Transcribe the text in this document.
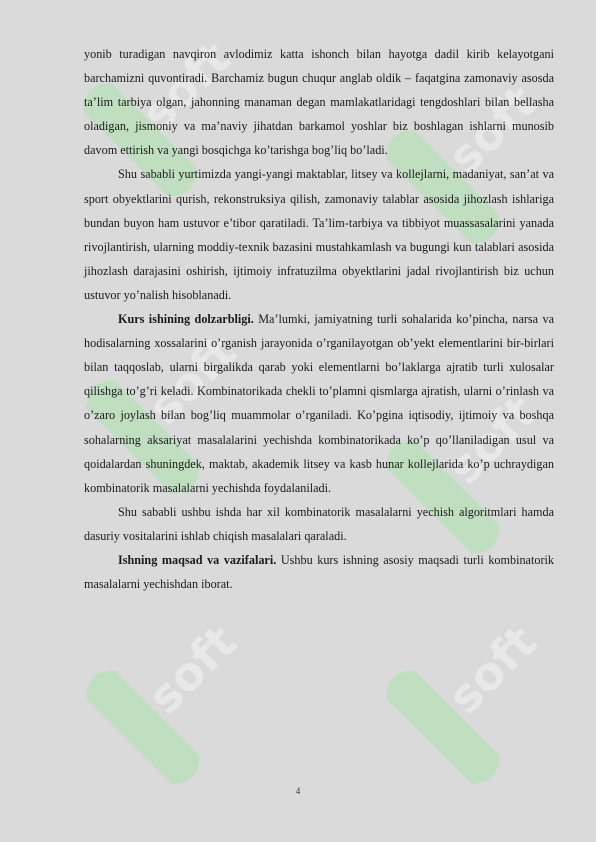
soft	soft
soft
soft
soft	soft

yonib turadigan navqiron avlodimiz katta ishonch bilan hayotga dadil kirib kelayotgani barchamizni quvontiradi. Barchamiz bugun chuqur anglab oldik – faqatgina zamonaviy asosda ta’lim tarbiya olgan, jahonning manaman degan mamlakatlaridagi tengdoshlari bilan bellasha oladigan, jismoniy va ma’naviy jihatdan barkamol yoshlar biz boshlagan ishlarni munosib davom ettirish va yangi bosqichga ko’tarishga bog’liq bo’ladi.

Shu sababli yurtimizda yangi-yangi maktablar, litsey va kollejlarni, madaniyat, san’at va sport obyektlarini qurish, rekonstruksiya qilish, zamonaviy talablar asosida jihozlash ishlariga bundan buyon ham ustuvor e’tibor qaratiladi. Ta’lim-tarbiya va tibbiyot muassasalarini yanada rivojlantirish, ularning moddiy-texnik bazasini mustahkamlash va bugungi kun talablari asosida jihozlash darajasini oshirish, ijtimoiy infratuzilma obyektlarini jadal rivojlantirish biz uchun ustuvor yo’nalish hisoblanadi.

Kurs ishining dolzarbligi. Ma’lumki, jamiyatning turli sohalarida ko’pincha, narsa va hodisalarning xossalarini o’rganish jarayonida o’rganilayotgan ob’yekt elementlarini bir-birlari bilan taqqoslab, ularni birgalikda qarab yoki elementlarni bo’laklarga ajratib turli xulosalar qilishga to’g’ri keladi. Kombinatorikada chekli to’plamni qismlarga ajratish, ularni o’rinlash va o’zaro joylash bilan bog’liq muammolar o’rganiladi. Ko’pgina iqtisodiy, ijtimoiy va boshqa sohalarning aksariyat masalalarini yechishda kombinatorikada ko’p qo’llaniladigan usul va qoidalardan shuningdek, maktab, akademik litsey va kasb hunar kollejlarida ko’p uchraydigan kombinatorik masalalarni yechishda foydalaniladi.

Shu sababli ushbu ishda har xil kombinatorik masalalarni yechish algoritmlari hamda dasuriy vositalarini ishlab chiqish masalalari qaraladi.

Ishning maqsad va vazifalari. Ushbu kurs ishning asosiy maqsadi turli kombinatorik masalalarni yechishdan iborat.

4
